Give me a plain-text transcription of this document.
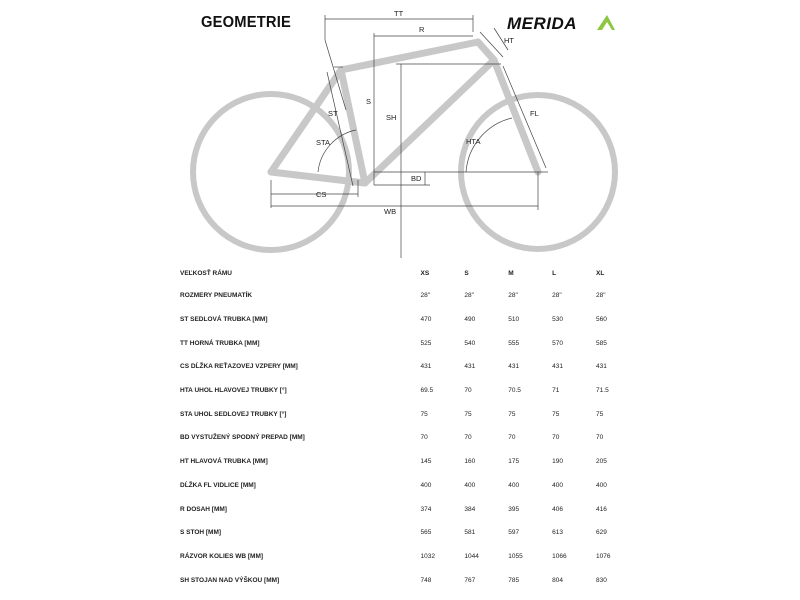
GEOMETRIE	MERIDA
TT
R
HT
S
ST	SH
STA
FL
HTA
BD
CS
WB
VEĽKOSŤ RÁMU	XS	S	M	L	XL
ROZMERY PNEUMATÍK	28"	28"	28"	28"	28"
ST SEDLOVÁ TRUBKA [MM]	470	490	510	530	560
TT HORNÁ TRUBKA [MM]	525	540	555	570	585
CS DĹŽKA REŤAZOVEJ VZPERY [MM]	431	431	431	431	431
HTA UHOL HLAVOVEJ TRUBKY [°]	69.5	70	70.5	71	71.5
STA UHOL SEDLOVEJ TRUBKY [°]	75	75	75	75	75
BD VYSTUŽENÝ SPODNÝ PREPAD [MM]	70	70	70	70	70
HT HLAVOVÁ TRUBKA [MM]	145	160	175	190	205
DĹŽKA FL VIDLICE [MM]	400	400	400	400	400
R DOSAH [MM]	374	384	395	406	416
S STOH [MM]	565	581	597	613	629
RÁZVOR KOLIES WB [MM]	1032	1044	1055	1066	1076
SH STOJAN NAD VÝŠKOU [MM]	748	767	785	804	830
